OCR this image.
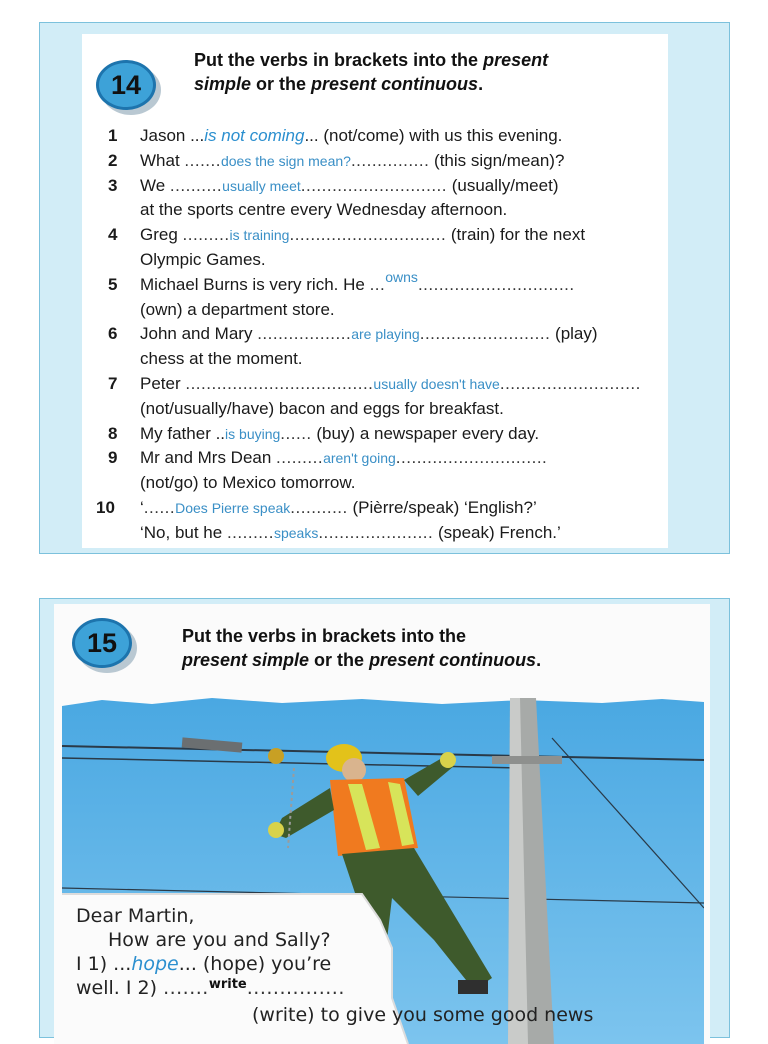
14
Put the verbs in brackets into the present
simple or the present continuous.
1	Jason ...is not coming... (not/come) with us this evening.
2	What .......does the sign mean?............... (this sign/mean)?
3	We ..........usually meet............................ (usually/meet)
at the sports centre every Wednesday afternoon.
4	Greg .........is training.............................. (train) for the next
Olympic Games.
5	Michael Burns is very rich. He ...owns..............................
(own) a department store.
6	John and Mary ..................are playing......................... (play)
chess at the moment.
7	Peter ....................................usually doesn't have...........................
(not/usually/have) bacon and eggs for breakfast.
8	My father ..is buying...... (buy) a newspaper every day.
9	Mr and Mrs Dean .........aren't going.............................
(not/go) to Mexico tomorrow.
10 ‘......Does Pierre speak........... (Pièrre/speak) ‘English?’
‘No, but he .........speaks...................... (speak) French.’
15	Put the verbs in brackets into the
present simple or the present continuous.
Dear Martin,
How are you and Sally?
I 1) ...hope... (hope) you’re
well. I 2) .......$^{write}$...............
(write) to give you some good news
